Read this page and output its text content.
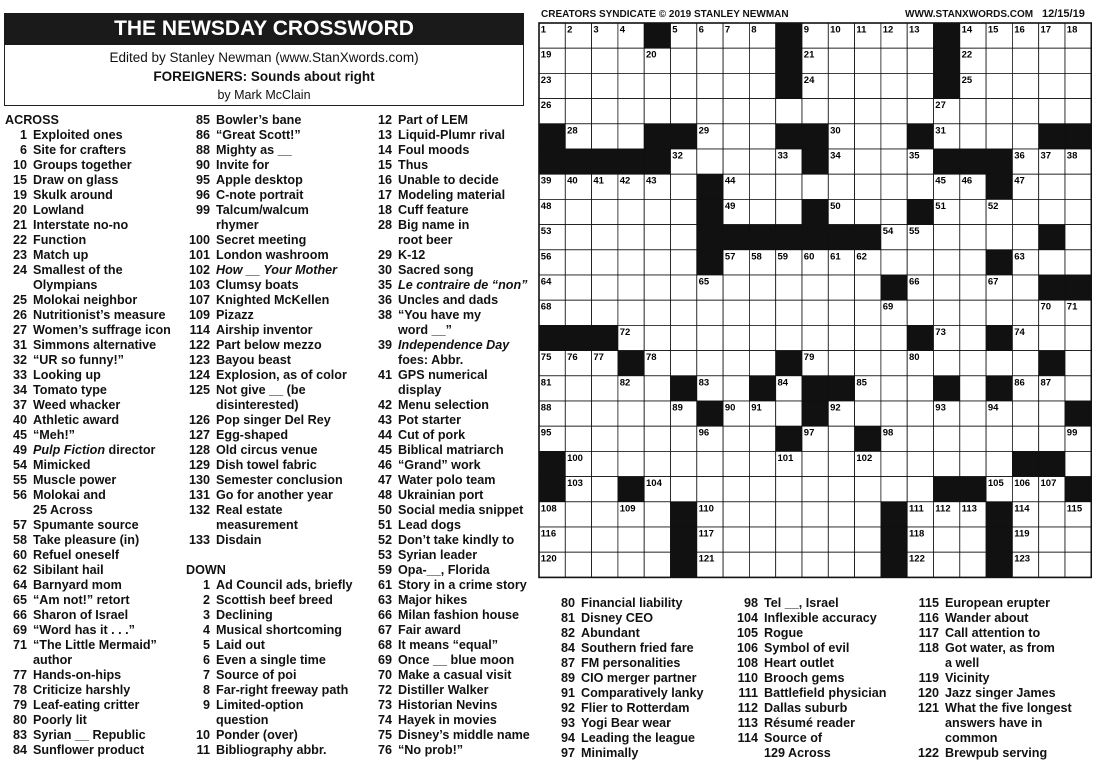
THE NEWSDAY CROSSWORD
Edited by Stanley Newman (www.StanXwords.com)
FOREIGNERS: Sounds about right
by Mark McClain
CREATORS SYNDICATE © 2019 STANLEY NEWMAN	WWW.STANXWORDS.COM 12/15/19
1 2 3 4	5 6 7 8	9 10 11 12 13	14 15 16 17 18
19	20	21	22
23	24	25
26	27
28	29	30	31
32	33	34	35	36 37 38
39 40 41 42 43	44	45 46	47
48	49	50	51	52
53	54 55
56	57 58 59 60 61 62	63
64	65	66	67
68	69	70 71
72	73	74
75 76 77	78	79	80
81	82	83	84	85	86 87
88	89	90 91	92	93	94
95	96	97	98	99
100	101	102
103	104	105 106 107
108	109	110	111 112 113	114	115
116	117	118	119
120	121	122	123
ACROSS
1 Exploited ones
6 Site for crafters
10 Groups together
15 Draw on glass
19 Skulk around
20 Lowland
21 Interstate no-no
22 Function
23 Match up
24 Smallest of the
Olympians
25 Molokai neighbor
26 Nutritionist’s measure
27 Women’s suffrage icon
31 Simmons alternative
32 “UR so funny!”
33 Looking up
34 Tomato type
37 Weed whacker
40 Athletic award
45 “Meh!”
49 Pulp Fiction director
54 Mimicked
55 Muscle power
56 Molokai and
25 Across
57 Spumante source
58 Take pleasure (in)
60 Refuel oneself
62 Sibilant hail
64 Barnyard mom
65 “Am not!” retort
66 Sharon of Israel
69 “Word has it . . .”
71 “The Little Mermaid”
author
77 Hands-on-hips
78 Criticize harshly
79 Leaf-eating critter
80 Poorly lit
83 Syrian __ Republic
84 Sunflower product
85 Bowler’s bane
86 “Great Scott!”
88 Mighty as __
90 Invite for
95 Apple desktop
96 C-note portrait
99 Talcum/walcum
rhymer
100 Secret meeting
101 London washroom
102 How __ Your Mother
103 Clumsy boats
107 Knighted McKellen
109 Pizazz
114 Airship inventor
122 Part below mezzo
123 Bayou beast
124 Explosion, as of color
125 Not give __ (be
disinterested)
126 Pop singer Del Rey
127 Egg-shaped
128 Old circus venue
129 Dish towel fabric
130 Semester conclusion
131 Go for another year
132 Real estate
measurement
133 Disdain
DOWN
1 Ad Council ads, briefly
2 Scottish beef breed
3 Declining
4 Musical shortcoming
5 Laid out
6 Even a single time
7 Source of poi
8 Far-right freeway path
9 Limited-option
question
10 Ponder (over)
11 Bibliography abbr.
12 Part of LEM
13 Liquid-Plumr rival
14 Foul moods
15 Thus
16 Unable to decide
17 Modeling material
18 Cuff feature
28 Big name in
root beer
29 K-12
30 Sacred song
35 Le contraire de “non”
36 Uncles and dads
38 “You have my
word __”
39 Independence Day
foes: Abbr.
41 GPS numerical
display
42 Menu selection
43 Pot starter
44 Cut of pork
45 Biblical matriarch
46 “Grand” work
47 Water polo team
48 Ukrainian port
50 Social media snippet
51 Lead dogs
52 Don’t take kindly to
53 Syrian leader
59 Opa-__, Florida
61 Story in a crime story
63 Major hikes
66 Milan fashion house
67 Fair award
68 It means “equal”
69 Once __ blue moon
70 Make a casual visit
72 Distiller Walker
73 Historian Nevins
74 Hayek in movies
75 Disney’s middle name
76 “No prob!”
80 Financial liability
81 Disney CEO
82 Abundant
84 Southern fried fare
87 FM personalities
89 CIO merger partner
91 Comparatively lanky
92 Flier to Rotterdam
93 Yogi Bear wear
94 Leading the league
97 Minimally
98 Tel __, Israel
104 Inflexible accuracy
105 Rogue
106 Symbol of evil
108 Heart outlet
110 Brooch gems
111 Battlefield physician
112 Dallas suburb
113 Résumé reader
114 Source of
129 Across
115 European erupter
116 Wander about
117 Call attention to
118 Got water, as from
a well
119 Vicinity
120 Jazz singer James
121 What the five longest
answers have in
common
122 Brewpub serving
